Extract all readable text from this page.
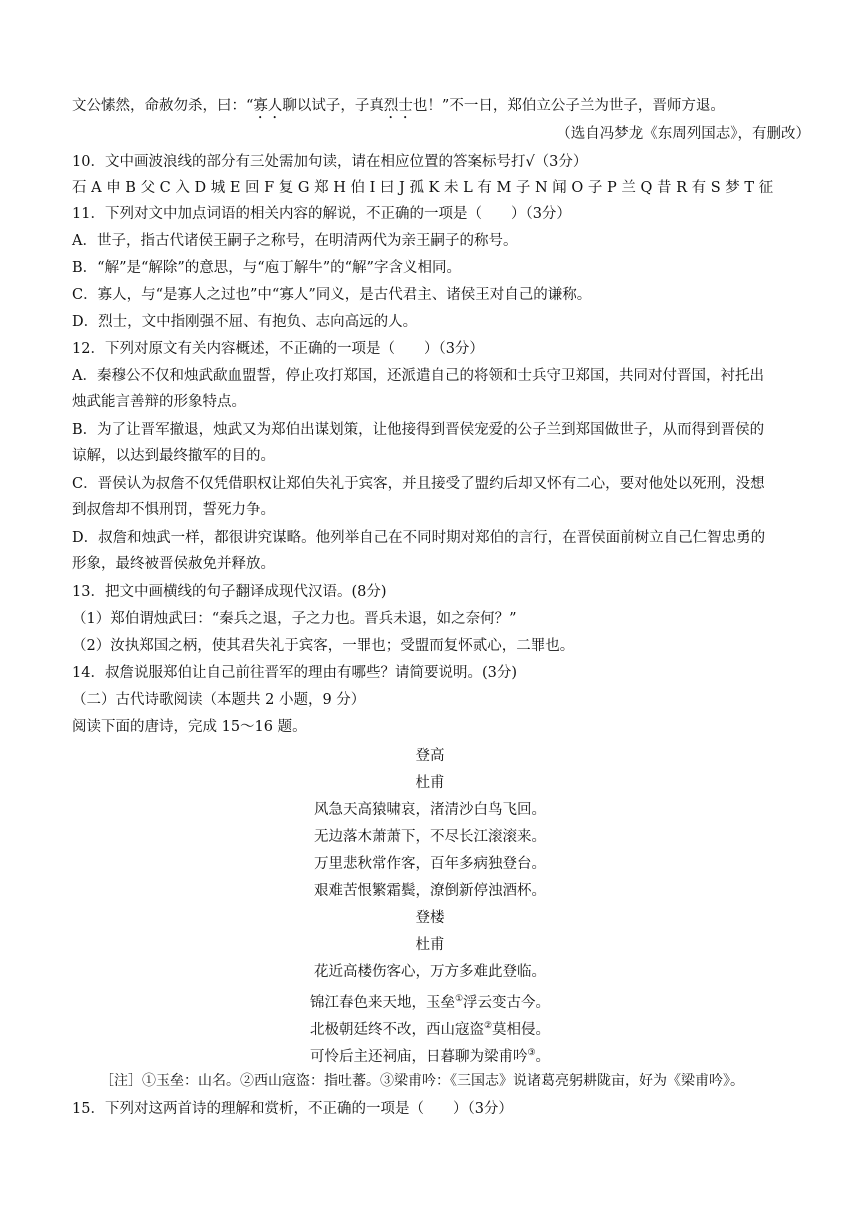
文公愫然，命赦勿杀，曰：“寡人聊以试子，子真烈士也！”不一日，郑伯立公子兰为世子，晋师方退。
（选自冯梦龙《东周列国志》，有删改）
10．文中画波浪线的部分有三处需加句读，请在相应位置的答案标号打√（3分）
石 A 申 B 父 C 入 D 城 E 回 F 复 G 郑 H 伯 I 曰 J 孤 K 未 L 有 M 子 N 闻 O 子 P 兰 Q 昔 R 有 S 梦 T 征
11．下列对文中加点词语的相关内容的解说，不正确的一项是（　　）（3分）
A．世子，指古代诸侯王嗣子之称号，在明清两代为亲王嗣子的称号。
B．“解”是“解除”的意思，与“庖丁解牛”的“解”字含义相同。
C．寡人，与“是寡人之过也”中“寡人”同义，是古代君主、诸侯王对自己的谦称。
D．烈士，文中指刚强不屈、有抱负、志向高远的人。
12．下列对原文有关内容概述，不正确的一项是（　　）（3分）
A．秦穆公不仅和烛武歃血盟誓，停止攻打郑国，还派遣自己的将领和士兵守卫郑国，共同对付晋国，衬托出
烛武能言善辩的形象特点。
B．为了让晋军撤退，烛武又为郑伯出谋划策，让他接得到晋侯宠爱的公子兰到郑国做世子，从而得到晋侯的
谅解，以达到最终撤军的目的。
C．晋侯认为叔詹不仅凭借职权让郑伯失礼于宾客，并且接受了盟约后却又怀有二心，要对他处以死刑，没想
到叔詹却不惧刑罚，誓死力争。
D．叔詹和烛武一样，都很讲究谋略。他列举自己在不同时期对郑伯的言行，在晋侯面前树立自己仁智忠勇的
形象，最终被晋侯赦免并释放。
13．把文中画横线的句子翻译成现代汉语。(8分)
（1）郑伯谓烛武曰：“秦兵之退，子之力也。晋兵未退，如之奈何？”
（2）汝执郑国之柄，使其君失礼于宾客，一罪也；受盟而复怀贰心，二罪也。
14．叔詹说服郑伯让自己前往晋军的理由有哪些？请简要说明。(3分)
（二）古代诗歌阅读（本题共 2 小题，9 分）
阅读下面的唐诗，完成 15～16 题。
登高
杜甫
风急天高猿啸哀，渚清沙白鸟飞回。
无边落木萧萧下，不尽长江滚滚来。
万里悲秋常作客，百年多病独登台。
艰难苦恨繁霜鬓，潦倒新停浊酒杯。
登楼
杜甫
花近高楼伤客心，万方多难此登临。
锦江春色来天地，玉垒①浮云变古今。
北极朝廷终不改，西山寇盗②莫相侵。
可怜后主还祠庙，日暮聊为梁甫吟③。
［注］①玉垒：山名。②西山寇盗：指吐蕃。③梁甫吟：《三国志》说诸葛亮躬耕陇亩，好为《梁甫吟》。
15．下列对这两首诗的理解和赏析，不正确的一项是（　　）（3分）
